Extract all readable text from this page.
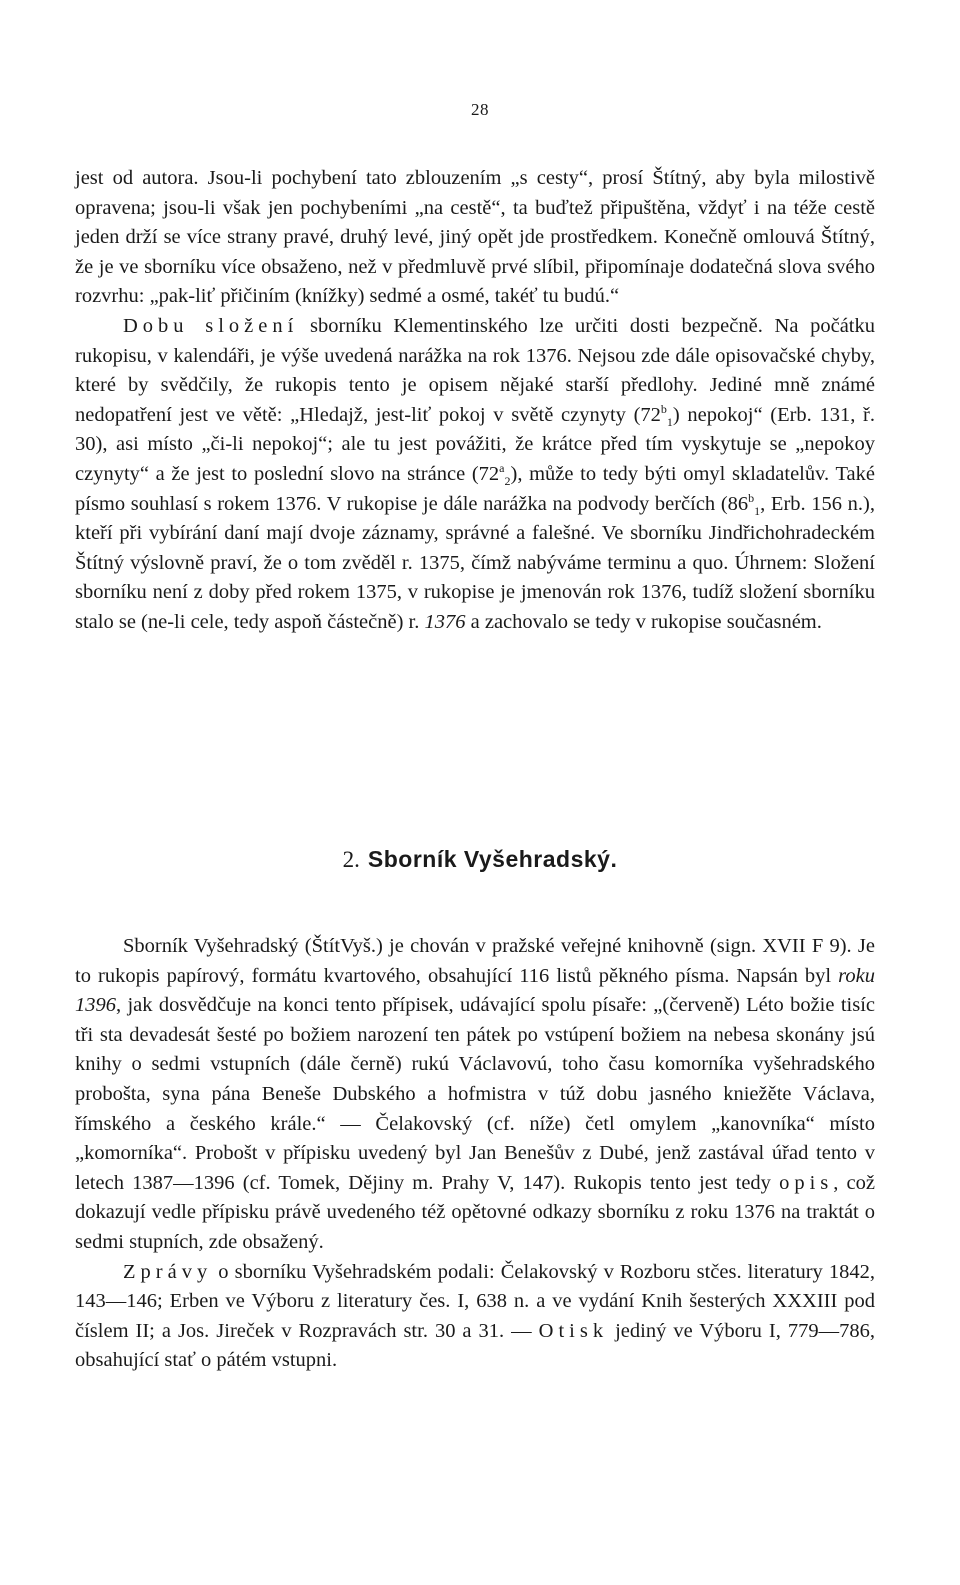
28

jest od autora. Jsou-li pochybení tato zblouzením „s cesty“, prosí Štítný, aby byla milostivě opravena; jsou-li však jen pochybeními „na cestě“, ta buďtež připuštěna, vždyť i na téže cestě jeden drží se více strany pravé, druhý levé, jiný opět jde prostředkem. Konečně omlouvá Štítný, že je ve sborníku více obsaženo, než v předmluvě prvé slíbil, připomínaje dodatečná slova svého rozvrhu: „pak-liť přičiním (knížky) sedmé a osmé, takéť tu budú.“

Dobu složení sborníku Klementinského lze určiti dosti bezpečně. Na počátku rukopisu, v kalendáři, je výše uvedená narážka na rok 1376. Nejsou zde dále opisovačské chyby, které by svědčily, že rukopis tento je opisem nějaké starší předlohy. Jediné mně známé nedopatření jest ve větě: „Hledajž, jest-liť pokoj v světě czynyty $(72^b_1)$ nepokoj“ (Erb. 131, ř. 30), asi místo „či-li nepokoj“; ale tu jest povážiti, že krátce před tím vyskytuje se „nepokoy czynyty“ a že jest to poslední slovo na stránce $(72^a_2)$, může to tedy býti omyl skladatelův. Také písmo souhlasí s rokem 1376. V rukopise je dále narážka na podvody berčích ($86^b_1$, Erb. 156 n.), kteří při vybírání daní mají dvoje záznamy, správné a falešné. Ve sborníku Jindřichohradeckém Štítný výslovně praví, že o tom zvěděl r. 1375, čímž nabýváme terminu a quo. Úhrnem: Složení sborníku není z doby před rokem 1375, v rukopise je jmenován rok 1376, tudíž složení sborníku stalo se (ne-li cele, tedy aspoň částečně) r. 1376 a zachovalo se tedy v rukopise současném.

2. Sborník Vyšehradský.

Sborník Vyšehradský (ŠtítVyš.) je chován v pražské veřejné knihovně (sign. XVII F 9). Je to rukopis papírový, formátu kvartového, obsahující 116 listů pěkného písma. Napsán byl roku 1396, jak dosvědčuje na konci tento přípisek, udávající spolu písaře: „(červeně) Léto božie tisíc tři sta devadesát šesté po božiem narození ten pátek po vstúpení božiem na nebesa skonány jsú knihy o sedmi vstupních (dále černě) rukú Václavovú, toho času komorníka vyšehradského probošta, syna pána Beneše Dubského a hofmistra v túž dobu jasného kniežěte Václava, římského a českého krále.“ — Čelakovský (cf. níže) četl omylem „kanovníka“ místo „komorníka“. Probošt v přípisku uvedený byl Jan Benešův z Dubé, jenž zastával úřad tento v letech 1387—1396 (cf. Tomek, Dějiny m. Prahy V, 147). Rukopis tento jest tedy opis, což dokazují vedle přípisku právě uvedeného též opětovné odkazy sborníku z roku 1376 na traktát o sedmi stupních, zde obsažený.

Zprávy o sborníku Vyšehradském podali: Čelakovský v Rozboru stčes. literatury 1842, 143—146; Erben ve Výboru z literatury čes. I, 638 n. a ve vydání Knih šesterých XXXIII pod číslem II; a Jos. Jireček v Rozpravách str. 30 a 31. — Otisk jediný ve Výboru I, 779—786, obsahující stať o pátém vstupni.
